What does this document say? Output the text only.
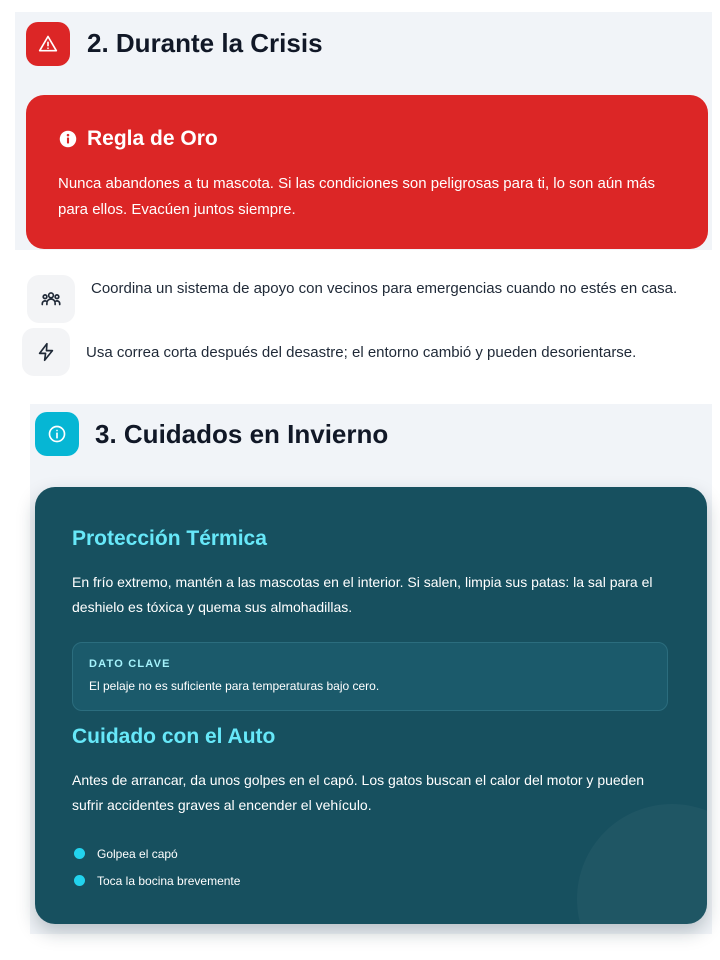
2. Durante la Crisis
Regla de Oro

Nunca abandones a tu mascota. Si las condiciones son peligrosas para ti, lo son aún más para ellos. Evacúen juntos siempre.

Coordina un sistema de apoyo con vecinos para emergencias cuando no estés en casa.

Usa correa corta después del desastre; el entorno cambió y pueden desorientarse.

3. Cuidados en Invierno
Protección Térmica

En frío extremo, mantén a las mascotas en el interior. Si salen, limpia sus patas: la sal para el deshielo es tóxica y quema sus almohadillas.

DATO CLAVE
El pelaje no es suficiente para temperaturas bajo cero.
Cuidado con el Auto

Antes de arrancar, da unos golpes en el capó. Los gatos buscan el calor del motor y pueden sufrir accidentes graves al encender el vehículo.

Golpea el capó
Toca la bocina brevemente
